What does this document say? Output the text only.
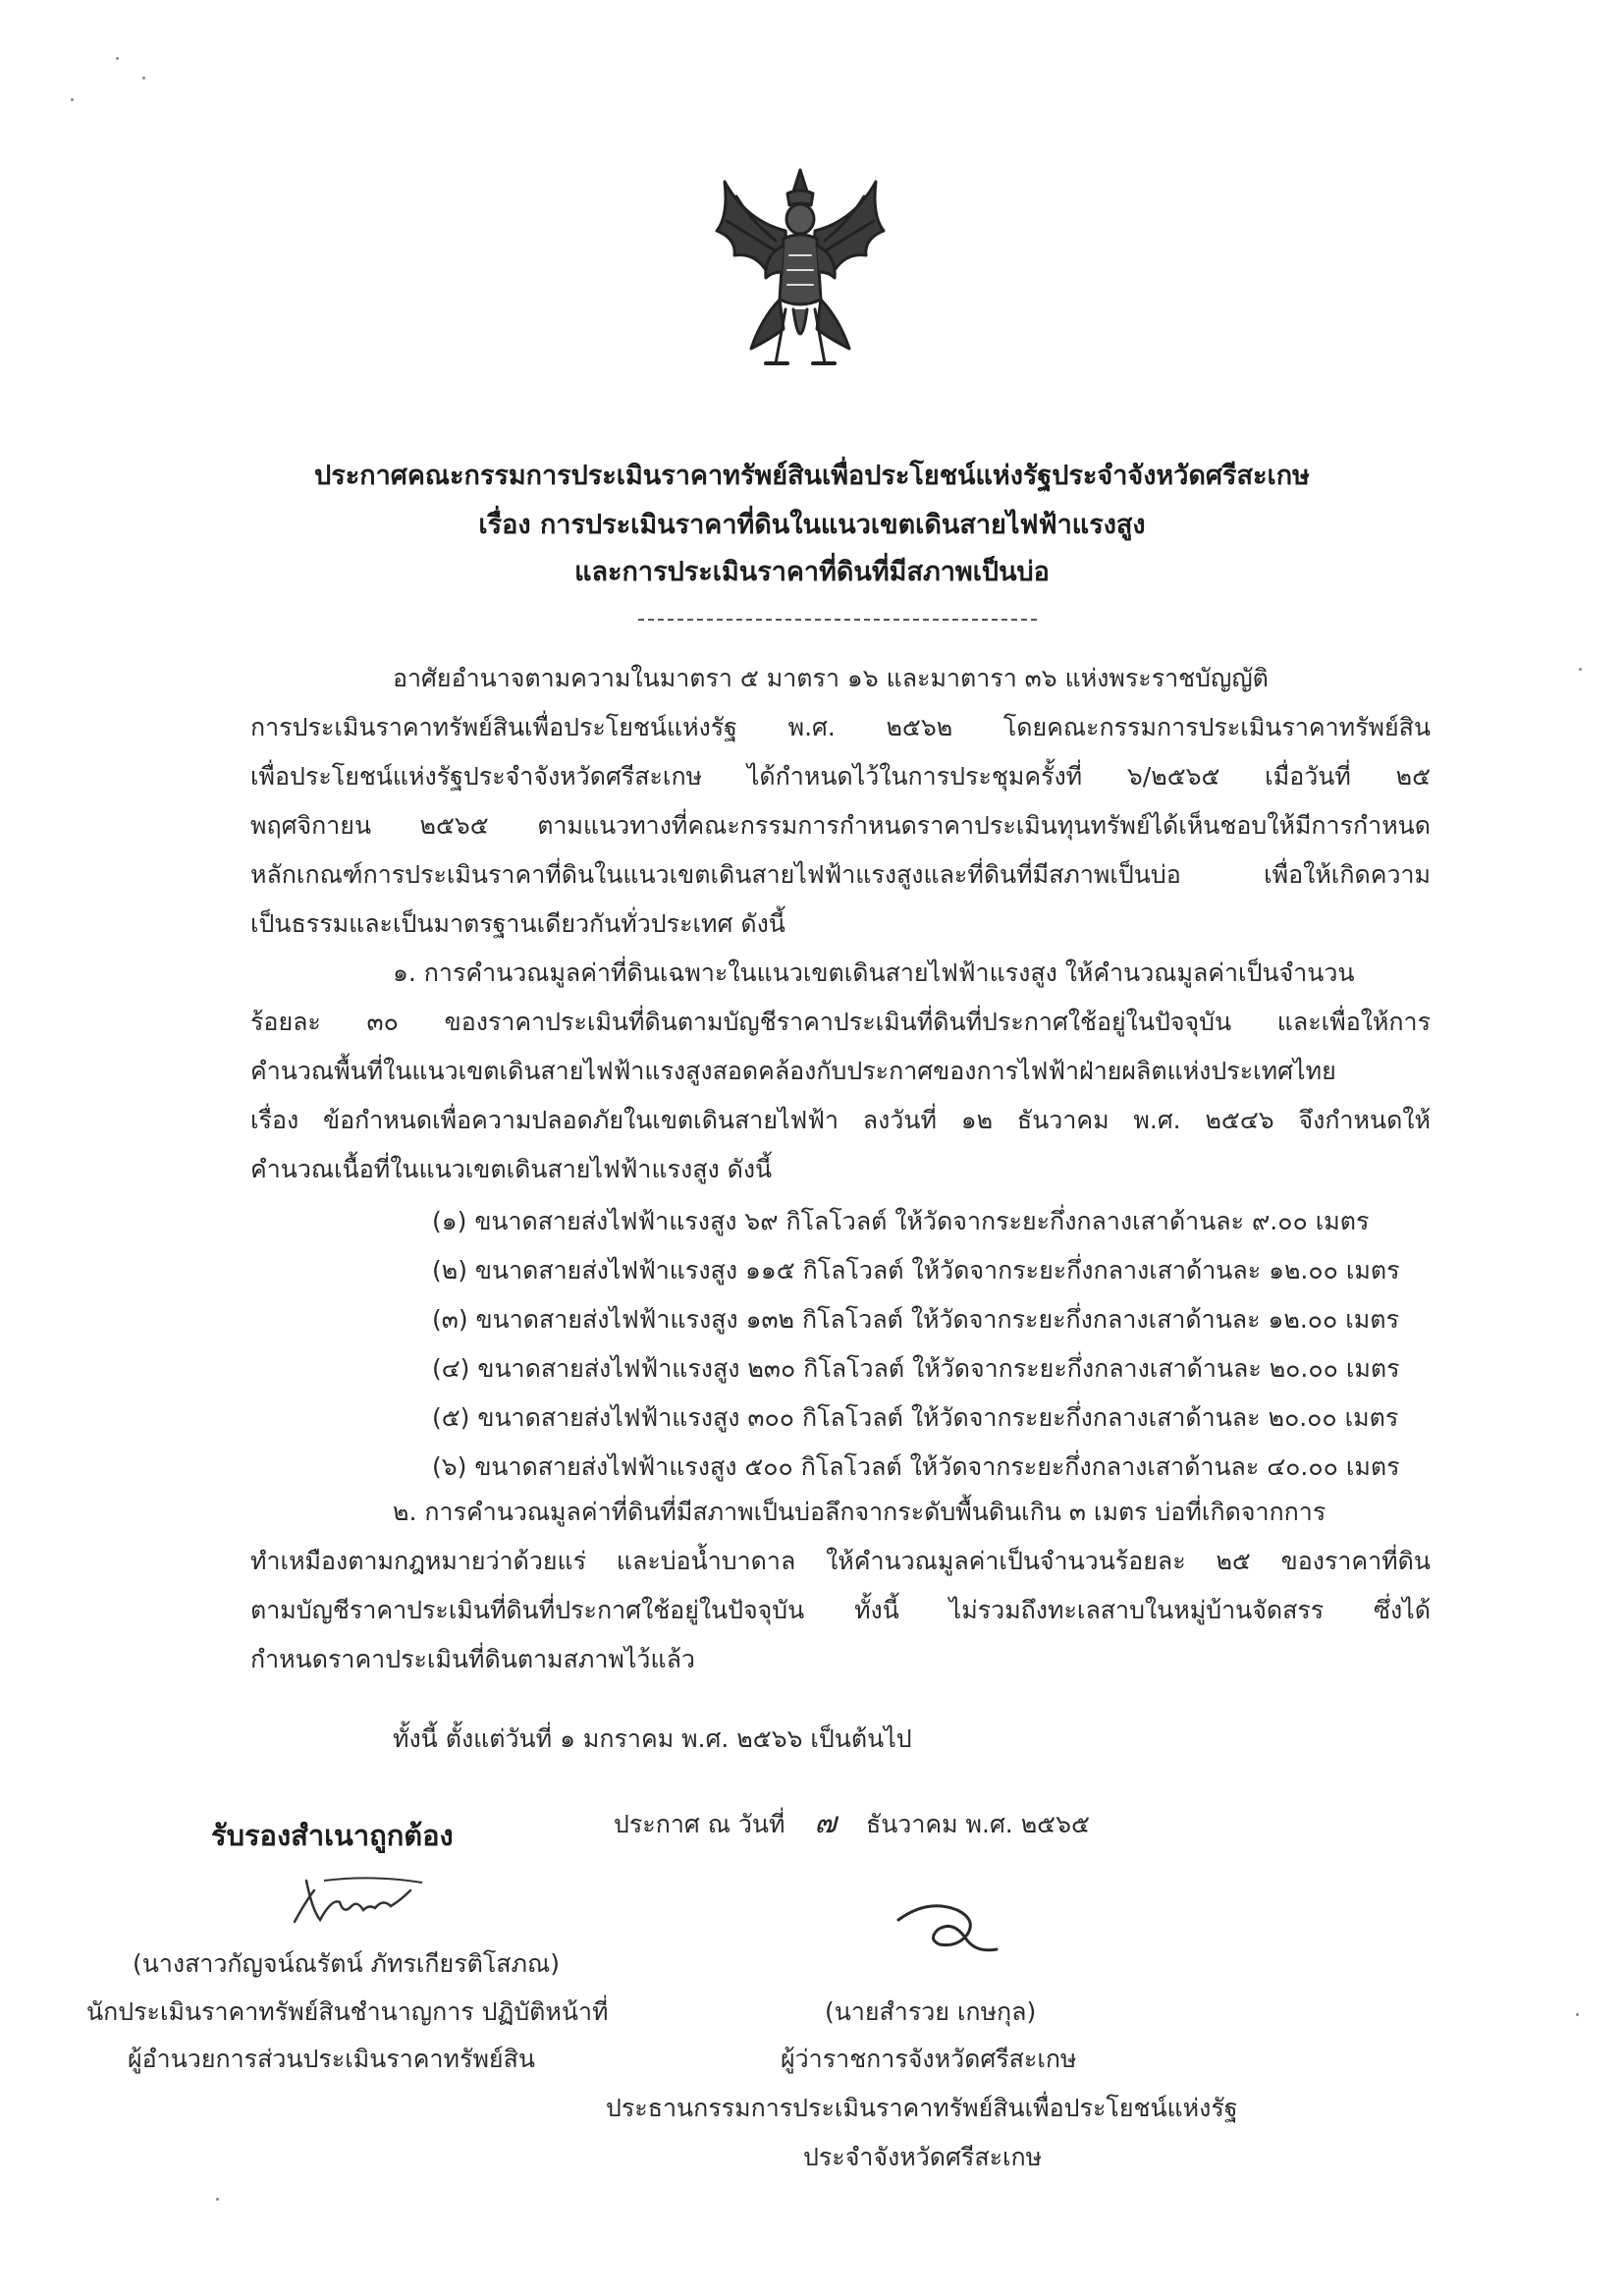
ประกาศคณะกรรมการประเมินราคาทรัพย์สินเพื่อประโยชน์แห่งรัฐประจำจังหวัดศรีสะเกษ
เรื่อง การประเมินราคาที่ดินในแนวเขตเดินสายไฟฟ้าแรงสูง
และการประเมินราคาที่ดินที่มีสภาพเป็นบ่อ
อาศัยอำนาจตามความในมาตรา ๕ มาตรา ๑๖ และมาตารา ๓๖ แห่งพระราชบัญญัติ
การประเมินราคาทรัพย์สินเพื่อประโยชน์แห่งรัฐ พ.ศ. ๒๕๖๒ โดยคณะกรรมการประเมินราคาทรัพย์สิน
เพื่อประโยชน์แห่งรัฐประจำจังหวัดศรีสะเกษ ได้กำหนดไว้ในการประชุมครั้งที่ ๖/๒๕๖๕ เมื่อวันที่ ๒๕
พฤศจิกายน ๒๕๖๕ ตามแนวทางที่คณะกรรมการกำหนดราคาประเมินทุนทรัพย์ได้เห็นชอบให้มีการกำหนด
หลักเกณฑ์การประเมินราคาที่ดินในแนวเขตเดินสายไฟฟ้าแรงสูงและที่ดินที่มีสภาพเป็นบ่อ เพื่อให้เกิดความ
เป็นธรรมและเป็นมาตรฐานเดียวกันทั่วประเทศ ดังนี้
๑. การคำนวณมูลค่าที่ดินเฉพาะในแนวเขตเดินสายไฟฟ้าแรงสูง ให้คำนวณมูลค่าเป็นจำนวน
ร้อยละ ๓๐ ของราคาประเมินที่ดินตามบัญชีราคาประเมินที่ดินที่ประกาศใช้อยู่ในปัจจุบัน และเพื่อให้การ
คำนวณพื้นที่ในแนวเขตเดินสายไฟฟ้าแรงสูงสอดคล้องกับประกาศของการไฟฟ้าฝ่ายผลิตแห่งประเทศไทย
เรื่อง ข้อกำหนดเพื่อความปลอดภัยในเขตเดินสายไฟฟ้า ลงวันที่ ๑๒ ธันวาคม พ.ศ. ๒๕๔๖ จึงกำหนดให้
คำนวณเนื้อที่ในแนวเขตเดินสายไฟฟ้าแรงสูง ดังนี้
(๑) ขนาดสายส่งไฟฟ้าแรงสูง ๖๙ กิโลโวลต์ ให้วัดจากระยะกึ่งกลางเสาด้านละ ๙.๐๐ เมตร
(๒) ขนาดสายส่งไฟฟ้าแรงสูง ๑๑๕ กิโลโวลต์ ให้วัดจากระยะกึ่งกลางเสาด้านละ ๑๒.๐๐ เมตร
(๓) ขนาดสายส่งไฟฟ้าแรงสูง ๑๓๒ กิโลโวลต์ ให้วัดจากระยะกึ่งกลางเสาด้านละ ๑๒.๐๐ เมตร
(๔) ขนาดสายส่งไฟฟ้าแรงสูง ๒๓๐ กิโลโวลต์ ให้วัดจากระยะกึ่งกลางเสาด้านละ ๒๐.๐๐ เมตร
(๕) ขนาดสายส่งไฟฟ้าแรงสูง ๓๐๐ กิโลโวลต์ ให้วัดจากระยะกึ่งกลางเสาด้านละ ๒๐.๐๐ เมตร
(๖) ขนาดสายส่งไฟฟ้าแรงสูง ๕๐๐ กิโลโวลต์ ให้วัดจากระยะกึ่งกลางเสาด้านละ ๔๐.๐๐ เมตร
๒. การคำนวณมูลค่าที่ดินที่มีสภาพเป็นบ่อลึกจากระดับพื้นดินเกิน ๓ เมตร บ่อที่เกิดจากการ
ทำเหมืองตามกฎหมายว่าด้วยแร่ และบ่อน้ำบาดาล ให้คำนวณมูลค่าเป็นจำนวนร้อยละ ๒๕ ของราคาที่ดิน
ตามบัญชีราคาประเมินที่ดินที่ประกาศใช้อยู่ในปัจจุบัน ทั้งนี้ ไม่รวมถึงทะเลสาบในหมู่บ้านจัดสรร ซึ่งได้
กำหนดราคาประเมินที่ดินตามสภาพไว้แล้ว
ทั้งนี้ ตั้งแต่วันที่ ๑ มกราคม พ.ศ. ๒๕๖๖ เป็นต้นไป
ประกาศ ณ วันที่ ๗ ธันวาคม พ.ศ. ๒๕๖๕
รับรองสำเนาถูกต้อง
(นางสาวกัญจน์ณรัตน์ ภัทรเกียรติโสภณ)
นักประเมินราคาทรัพย์สินชำนาญการ ปฏิบัติหน้าที่
ผู้อำนวยการส่วนประเมินราคาทรัพย์สิน
(นายสำรวย เกษกุล)
ผู้ว่าราชการจังหวัดศรีสะเกษ
ประธานกรรมการประเมินราคาทรัพย์สินเพื่อประโยชน์แห่งรัฐ
ประจำจังหวัดศรีสะเกษ
